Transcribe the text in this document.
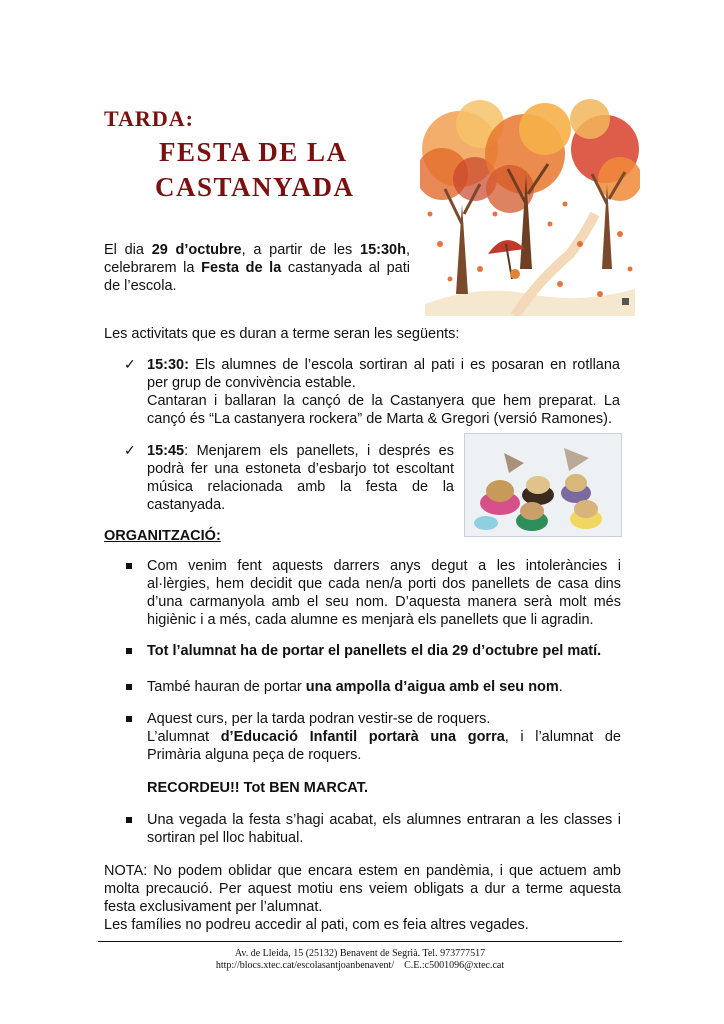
TARDA:
FESTA DE LA
CASTANYADA
El dia 29 d’octubre, a partir de les 15:30h,
celebrarem la Festa de la castanyada al pati
de l’escola.
Les activitats que es duran a terme seran les següents:
✓ 15:30: Els alumnes de l’escola sortiran al pati i es posaran en rotllana
per grup de convivència estable.
Cantaran i ballaran la cançó de la Castanyera que hem preparat. La
cançó és “La castanyera rockera” de Marta & Gregori (versió Ramones).
✓ 15:45: Menjarem els panellets, i després es
podrà fer una estoneta d’esbarjo tot escoltant
música relacionada amb la festa de la
castanyada.
ORGANITZACIÓ:
Com venim fent aquests darrers anys degut a les intoleràncies i
al·lèrgies, hem decidit que cada nen/a porti dos panellets de casa dins
d’una carmanyola amb el seu nom. D’aquesta manera serà molt més
higiènic i a més, cada alumne es menjarà els panellets que li agradin.
Tot l’alumnat ha de portar el panellets el dia 29 d’octubre pel matí.
També hauran de portar una ampolla d’aigua amb el seu nom.
Aquest curs, per la tarda podran vestir-se de roquers.
L’alumnat d’Educació Infantil portarà una gorra, i l’alumnat de
Primària alguna peça de roquers.
RECORDEU!! Tot BEN MARCAT.
Una vegada la festa s’hagi acabat, els alumnes entraran a les classes i
sortiran pel lloc habitual.
NOTA: No podem oblidar que encara estem en pandèmia, i que actuem amb
molta precaució. Per aquest motiu ens veiem obligats a dur a terme aquesta
festa exclusivament per l’alumnat.
Les famílies no podreu accedir al pati, com es feia altres vegades.
Av. de Lleida, 15 (25132) Benavent de Segrià. Tel. 973777517
http://blocs.xtec.cat/escolasantjoanbenavent/ C.E.:c5001096@xtec.cat
